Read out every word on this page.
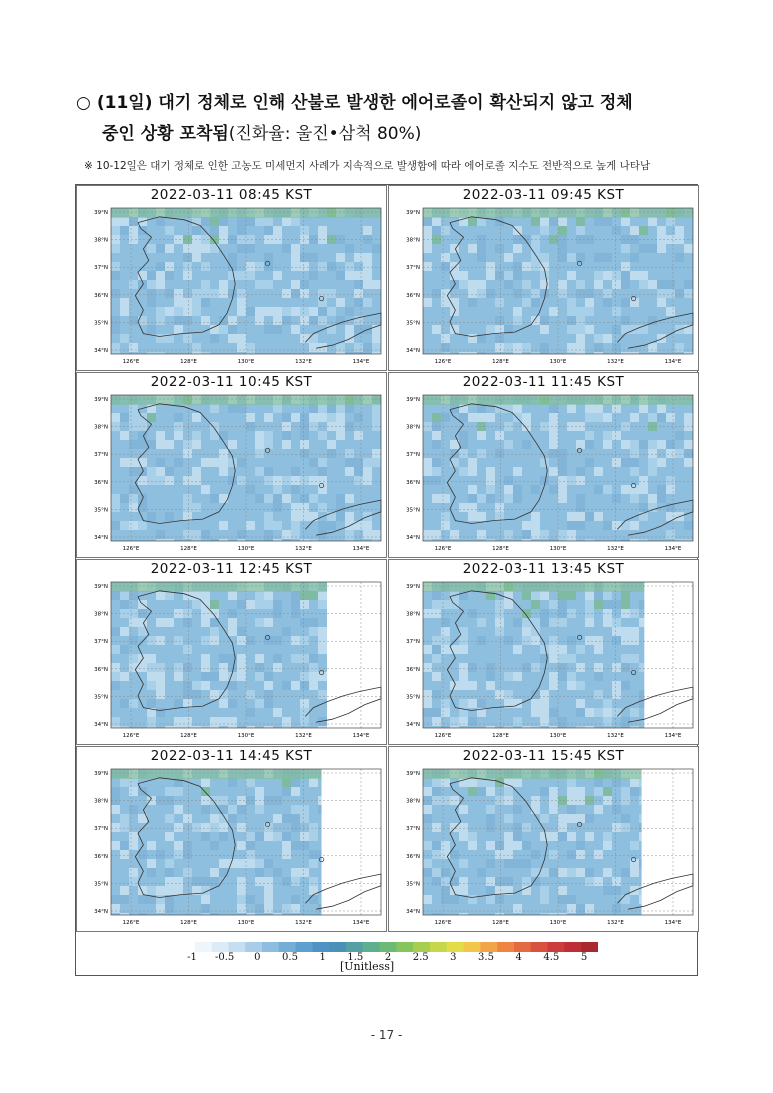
○ (11일) 대기 정체로 인해 산불로 발생한 에어로졸이 확산되지 않고 정체
중인 상황 포착됨(진화율: 울진•삼척 80%)
※ 10-12일은 대기 정체로 인한 고농도 미세먼지 사례가 지속적으로 발생함에 따라 에어로졸 지수도 전반적으로 높게 나타남
39°N
38°N
37°N
36°N
35°N
34°N
126°E	128°E	130°E	132°E	134°E
2022-03-11 08:45 KST
39°N
38°N
37°N
36°N
35°N
34°N
126°E	128°E	130°E	132°E	134°E
2022-03-11 09:45 KST
39°N
38°N
37°N
36°N
35°N
34°N
126°E	128°E	130°E	132°E	134°E
2022-03-11 10:45 KST
39°N
38°N
37°N
36°N
35°N
34°N
126°E	128°E	130°E	132°E	134°E
2022-03-11 11:45 KST
39°N
38°N
37°N
36°N
35°N
34°N
126°E	128°E	130°E	132°E	134°E
2022-03-11 12:45 KST
39°N
38°N
37°N
36°N
35°N
34°N
126°E	128°E	130°E	132°E	134°E
2022-03-11 13:45 KST
39°N
38°N
37°N
36°N
35°N
34°N
126°E	128°E	130°E	132°E	134°E
2022-03-11 14:45 KST
39°N
38°N
37°N
36°N
35°N
34°N
126°E	128°E	130°E	132°E	134°E
2022-03-11 15:45 KST
-1 -0.5 0 0.5 1 1.5 2 2.5 3 3.5 4 4.5 5
[Unitless]
- 17 -
